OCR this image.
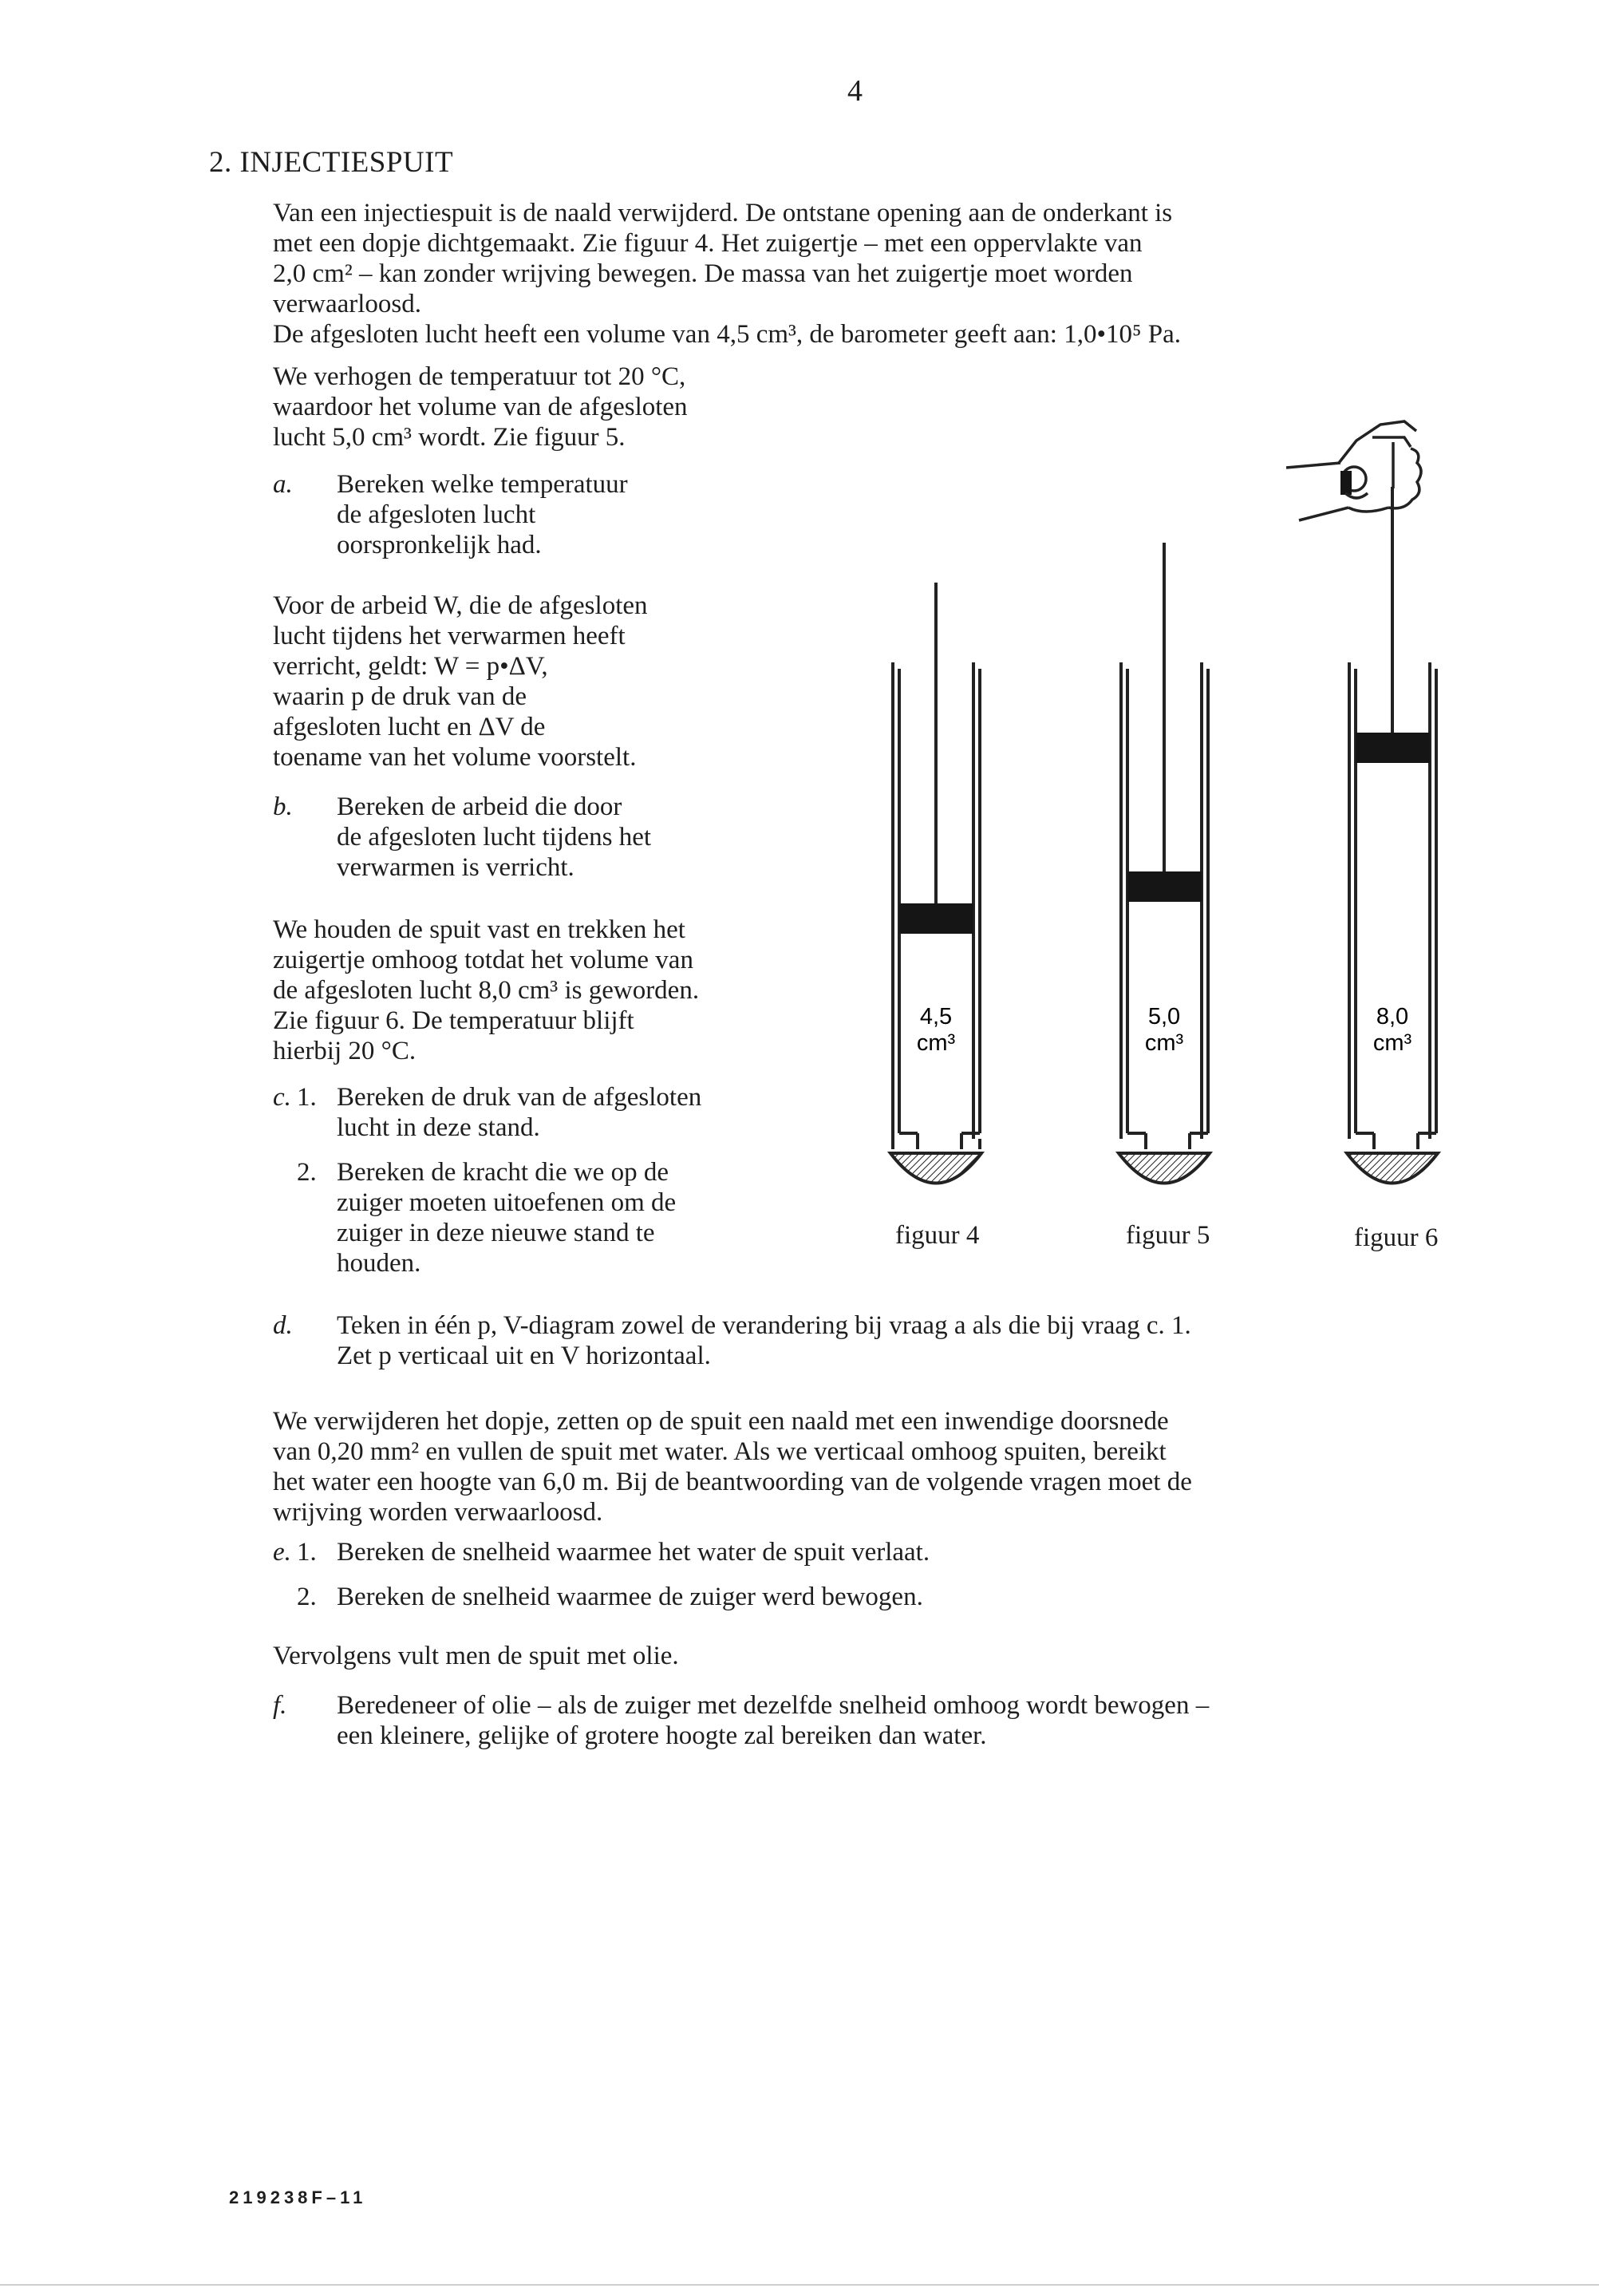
4
2. INJECTIESPUIT
Van een injectiespuit is de naald verwijderd. De ontstane opening aan de onderkant is
met een dopje dichtgemaakt. Zie figuur 4. Het zuigertje – met een oppervlakte van
2,0 cm² – kan zonder wrijving bewegen. De massa van het zuigertje moet worden
verwaarloosd.
De afgesloten lucht heeft een volume van 4,5 cm³, de barometer geeft aan: 1,0•10⁵ Pa.
We verhogen de temperatuur tot 20 °C,
waardoor het volume van de afgesloten
lucht 5,0 cm³ wordt. Zie figuur 5.
a. Bereken welke temperatuur
de afgesloten lucht
oorspronkelijk had.
Voor de arbeid W, die de afgesloten
lucht tijdens het verwarmen heeft
verricht, geldt: W = p•ΔV,
waarin p de druk van de
afgesloten lucht en ΔV de
toename van het volume voorstelt.
b. Bereken de arbeid die door
de afgesloten lucht tijdens het
verwarmen is verricht.
We houden de spuit vast en trekken het
zuigertje omhoog totdat het volume van
de afgesloten lucht 8,0 cm³ is geworden.
Zie figuur 6. De temperatuur blijft
hierbij 20 °C.
c. 1. Bereken de druk van de afgesloten
lucht in deze stand.
2. Bereken de kracht die we op de
zuiger moeten uitoefenen om de
zuiger in deze nieuwe stand te
houden.
4,5
cm³
5,0
cm³
8,0
cm³
figuur 4	figuur 5	figuur 6
d. Teken in één p, V-diagram zowel de verandering bij vraag a als die bij vraag c. 1.
Zet p verticaal uit en V horizontaal.
We verwijderen het dopje, zetten op de spuit een naald met een inwendige doorsnede
van 0,20 mm² en vullen de spuit met water. Als we verticaal omhoog spuiten, bereikt
het water een hoogte van 6,0 m. Bij de beantwoording van de volgende vragen moet de
wrijving worden verwaarloosd.
e. 1. Bereken de snelheid waarmee het water de spuit verlaat.
2. Bereken de snelheid waarmee de zuiger werd bewogen.
Vervolgens vult men de spuit met olie.
f. Beredeneer of olie – als de zuiger met dezelfde snelheid omhoog wordt bewogen –
een kleinere, gelijke of grotere hoogte zal bereiken dan water.
219238F–11
